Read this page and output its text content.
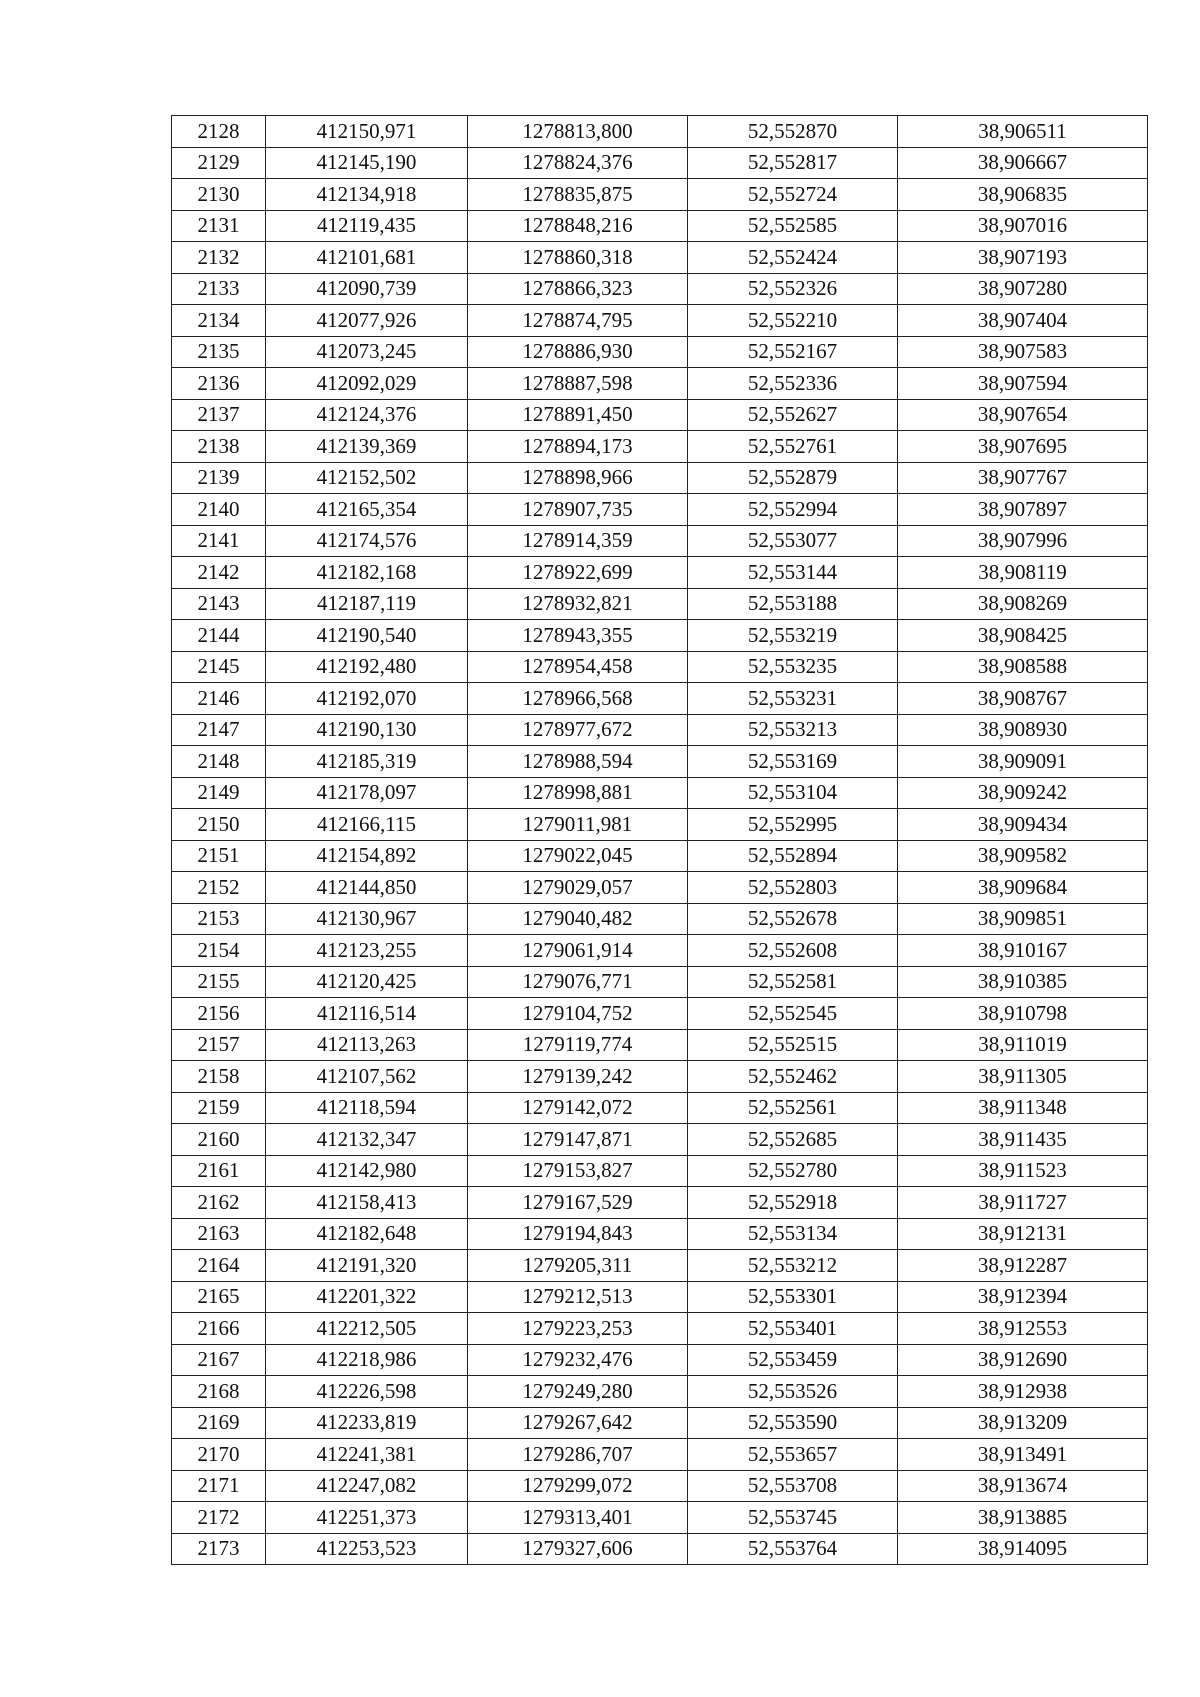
2128	412150,971	1278813,800	52,552870	38,906511
2129	412145,190	1278824,376	52,552817	38,906667
2130	412134,918	1278835,875	52,552724	38,906835
2131	412119,435	1278848,216	52,552585	38,907016
2132	412101,681	1278860,318	52,552424	38,907193
2133	412090,739	1278866,323	52,552326	38,907280
2134	412077,926	1278874,795	52,552210	38,907404
2135	412073,245	1278886,930	52,552167	38,907583
2136	412092,029	1278887,598	52,552336	38,907594
2137	412124,376	1278891,450	52,552627	38,907654
2138	412139,369	1278894,173	52,552761	38,907695
2139	412152,502	1278898,966	52,552879	38,907767
2140	412165,354	1278907,735	52,552994	38,907897
2141	412174,576	1278914,359	52,553077	38,907996
2142	412182,168	1278922,699	52,553144	38,908119
2143	412187,119	1278932,821	52,553188	38,908269
2144	412190,540	1278943,355	52,553219	38,908425
2145	412192,480	1278954,458	52,553235	38,908588
2146	412192,070	1278966,568	52,553231	38,908767
2147	412190,130	1278977,672	52,553213	38,908930
2148	412185,319	1278988,594	52,553169	38,909091
2149	412178,097	1278998,881	52,553104	38,909242
2150	412166,115	1279011,981	52,552995	38,909434
2151	412154,892	1279022,045	52,552894	38,909582
2152	412144,850	1279029,057	52,552803	38,909684
2153	412130,967	1279040,482	52,552678	38,909851
2154	412123,255	1279061,914	52,552608	38,910167
2155	412120,425	1279076,771	52,552581	38,910385
2156	412116,514	1279104,752	52,552545	38,910798
2157	412113,263	1279119,774	52,552515	38,911019
2158	412107,562	1279139,242	52,552462	38,911305
2159	412118,594	1279142,072	52,552561	38,911348
2160	412132,347	1279147,871	52,552685	38,911435
2161	412142,980	1279153,827	52,552780	38,911523
2162	412158,413	1279167,529	52,552918	38,911727
2163	412182,648	1279194,843	52,553134	38,912131
2164	412191,320	1279205,311	52,553212	38,912287
2165	412201,322	1279212,513	52,553301	38,912394
2166	412212,505	1279223,253	52,553401	38,912553
2167	412218,986	1279232,476	52,553459	38,912690
2168	412226,598	1279249,280	52,553526	38,912938
2169	412233,819	1279267,642	52,553590	38,913209
2170	412241,381	1279286,707	52,553657	38,913491
2171	412247,082	1279299,072	52,553708	38,913674
2172	412251,373	1279313,401	52,553745	38,913885
2173	412253,523	1279327,606	52,553764	38,914095
